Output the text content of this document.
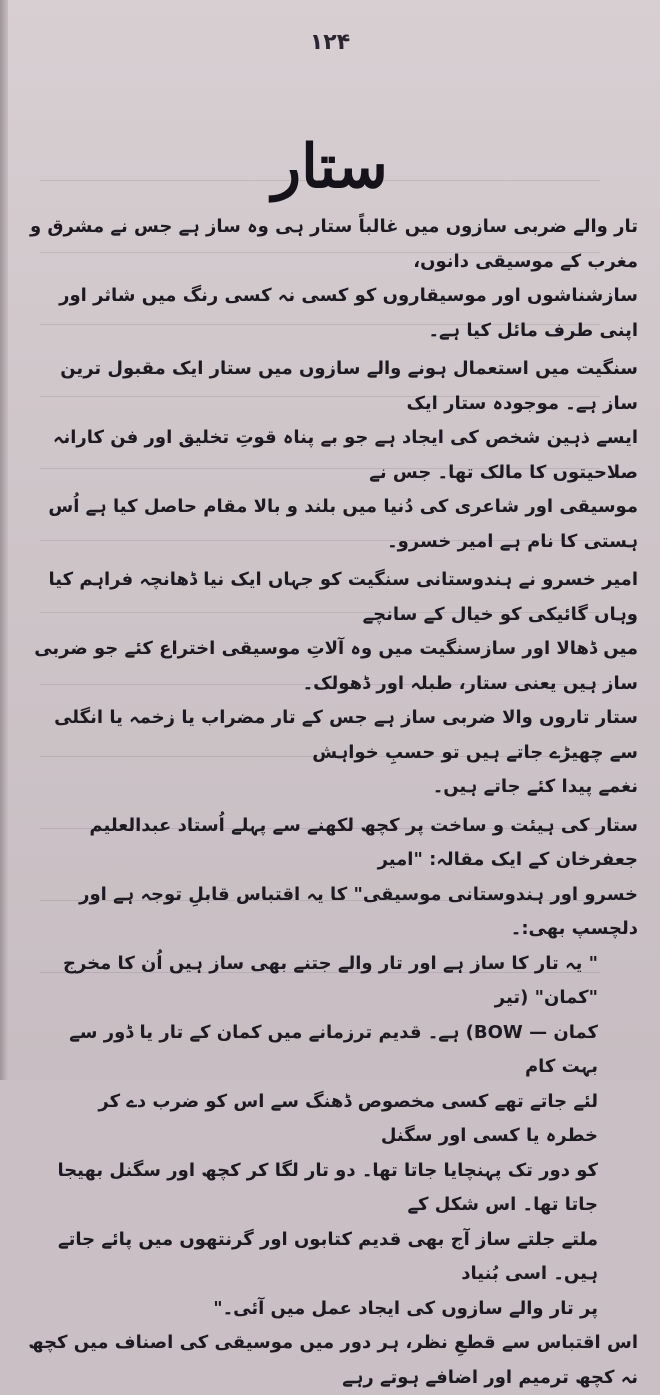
۱۲۴
ستار

تار والے ضربی سازوں میں غالباً ستار ہی وہ ساز ہے جس نے مشرق و مغرب کے موسیقی دانوں،

سازشناشوں اور موسیقاروں کو کسی نہ کسی رنگ میں شاثر اور اپنی طرف مائل کیا ہے۔

سنگیت میں استعمال ہونے والے سازوں میں ستار ایک مقبول ترین ساز ہے۔ موجودہ ستار ایک

ایسے ذہین شخص کی ایجاد ہے جو بے پناہ قوتِ تخلیق اور فن کارانہ صلاحیتوں کا مالک تھا۔ جس نے

موسیقی اور شاعری کی دُنیا میں بلند و بالا مقام حاصل کیا ہے اُس ہستی کا نام ہے امیر خسرو۔

امیر خسرو نے ہندوستانی سنگیت کو جہاں ایک نیا ڈھانچہ فراہم کیا وہاں گائیکی کو خیال کے سانچے

میں ڈھالا اور سازسنگیت میں وہ آلاتِ موسیقی اختراع کئے جو ضربی ساز ہیں یعنی ستار، طبلہ اور ڈھولک۔

ستار تاروں والا ضربی ساز ہے جس کے تار مضراب یا زخمہ یا انگلی سے چھیڑے جاتے ہیں تو حسبِ خواہش

نغمے پیدا کئے جاتے ہیں۔

ستار کی ہیئت و ساخت پر کچھ لکھنے سے پہلے اُستاد عبدالعلیم جعفرخان کے ایک مقالہ: "امیر

خسرو اور ہندوستانی موسیقی" کا یہ اقتباس قابلِ توجہ ہے اور دلچسپ بھی:۔

" یہ تار کا ساز ہے اور تار والے جتنے بھی ساز ہیں اُن کا مخرج "کمان" (تیر

کمان — BOW) ہے۔ قدیم ترزمانے میں کمان کے تار یا ڈور سے بہت کام

لئے جاتے تھے کسی مخصوص ڈھنگ سے اس کو ضرب دے کر خطرہ یا کسی اور سگنل

کو دور تک پہنچایا جاتا تھا۔ دو تار لگا کر کچھ اور سگنل بھیجا جاتا تھا۔ اس شکل کے

ملتے جلتے ساز آج بھی قدیم کتابوں اور گرنتھوں میں پائے جاتے ہیں۔ اسی بُنیاد

پر تار والے سازوں کی ایجاد عمل میں آئی۔"

اس اقتباس سے قطعِ نظر، ہر دور میں موسیقی کی اصناف میں کچھ نہ کچھ ترمیم اور اضافے ہوتے رہے
